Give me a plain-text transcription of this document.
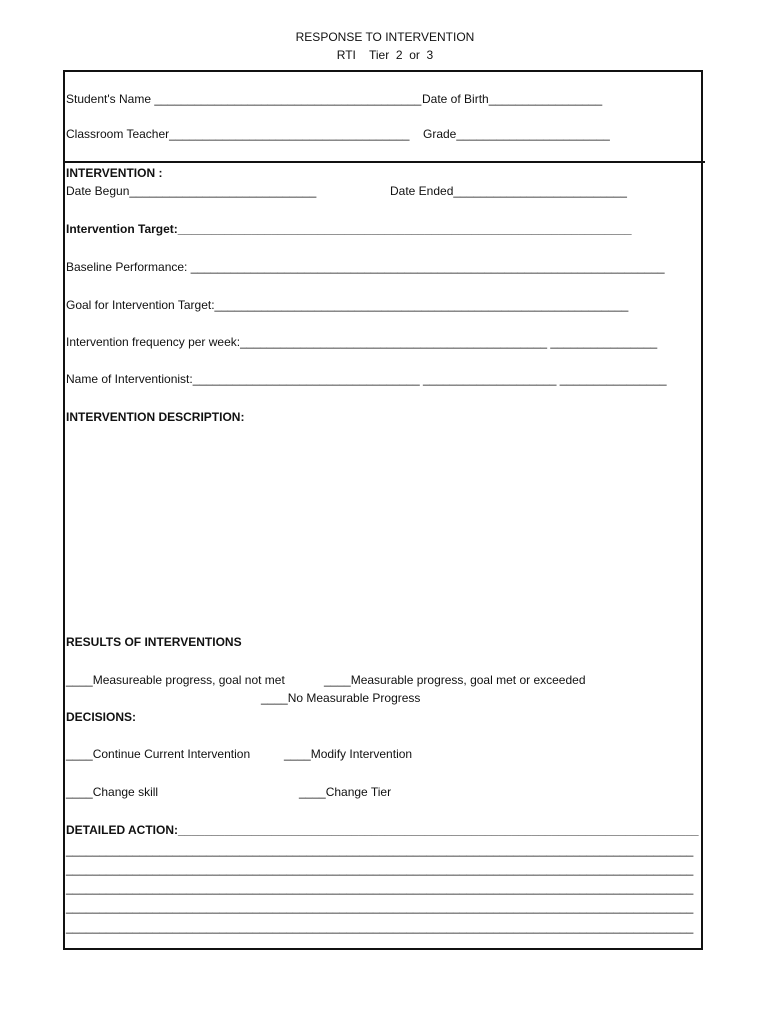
RESPONSE TO INTERVENTION
RTI    Tier  2  or  3
Student's Name ________________________________________ Date of Birth_________________
Classroom Teacher____________________________________ Grade_______________________
INTERVENTION :
Date Begun____________________________	Date Ended__________________________
Intervention Target:____________________________________________________________________
Baseline Performance: _______________________________________________________________________
Goal for Intervention Target:______________________________________________________________
Intervention frequency per week:______________________________________________ ________________
Name of Interventionist:__________________________________ ____________________ ________________
INTERVENTION DESCRIPTION:
RESULTS OF INTERVENTIONS
____Measureable progress, goal not met	____Measurable progress, goal met or exceeded
____No Measurable Progress
DECISIONS:
____Continue Current Intervention	____Modify Intervention
____Change skill	____Change Tier
DETAILED ACTION:______________________________________________________________________________
______________________________________________________________________________________________
______________________________________________________________________________________________
______________________________________________________________________________________________
______________________________________________________________________________________________
______________________________________________________________________________________________
